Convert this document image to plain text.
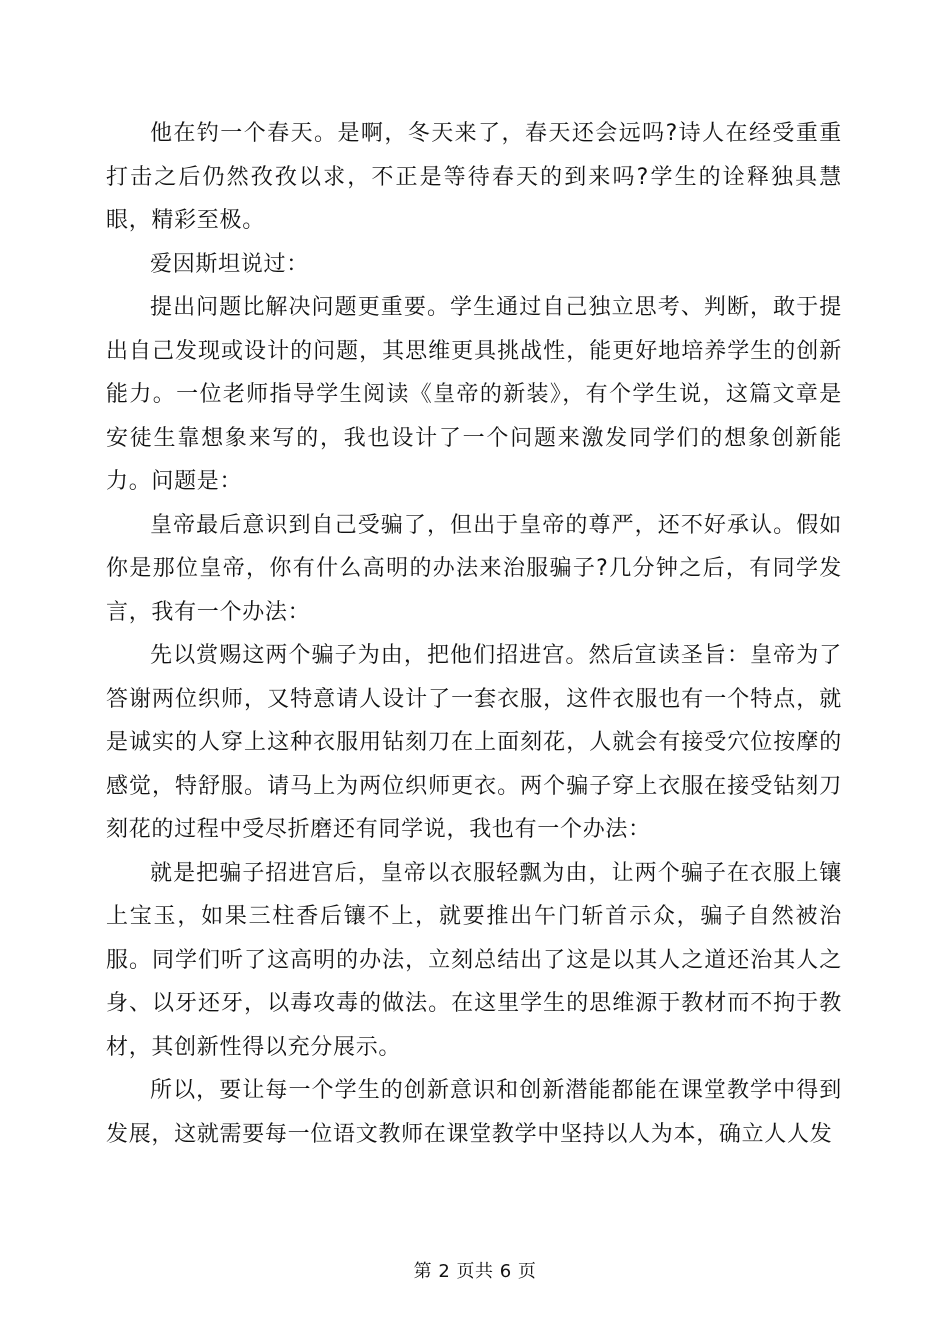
他在钓一个春天。是啊，冬天来了，春天还会远吗?诗人在经受重重打击之后仍然孜孜以求，不正是等待春天的到来吗?学生的诠释独具慧眼，精彩至极。

爱因斯坦说过：

提出问题比解决问题更重要。学生通过自己独立思考、判断，敢于提出自己发现或设计的问题，其思维更具挑战性，能更好地培养学生的创新能力。一位老师指导学生阅读《皇帝的新装》，有个学生说，这篇文章是安徒生靠想象来写的，我也设计了一个问题来激发同学们的想象创新能力。问题是：

皇帝最后意识到自己受骗了，但出于皇帝的尊严，还不好承认。假如你是那位皇帝，你有什么高明的办法来治服骗子?几分钟之后，有同学发言，我有一个办法：

先以赏赐这两个骗子为由，把他们招进宫。然后宣读圣旨：皇帝为了答谢两位织师，又特意请人设计了一套衣服，这件衣服也有一个特点，就是诚实的人穿上这种衣服用钻刻刀在上面刻花，人就会有接受穴位按摩的感觉，特舒服。请马上为两位织师更衣。两个骗子穿上衣服在接受钻刻刀刻花的过程中受尽折磨还有同学说，我也有一个办法：

就是把骗子招进宫后，皇帝以衣服轻飘为由，让两个骗子在衣服上镶上宝玉，如果三柱香后镶不上，就要推出午门斩首示众，骗子自然被治服。同学们听了这高明的办法，立刻总结出了这是以其人之道还治其人之身、以牙还牙，以毒攻毒的做法。在这里学生的思维源于教材而不拘于教材，其创新性得以充分展示。

所以，要让每一个学生的创新意识和创新潜能都能在课堂教学中得到发展，这就需要每一位语文教师在课堂教学中坚持以人为本，确立人人发

第 2 页共 6 页
